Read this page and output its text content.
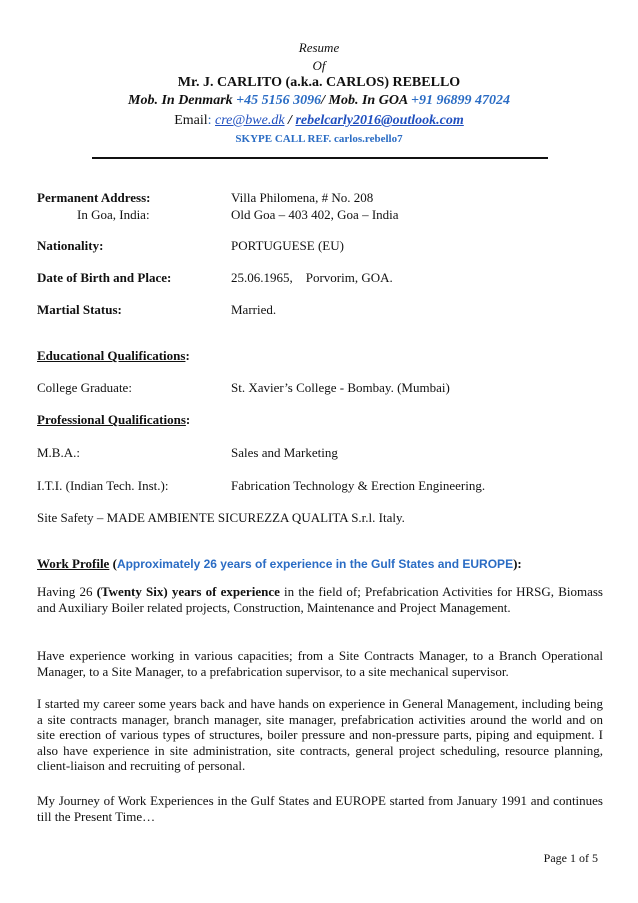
Resume
Of
Mr. J. CARLITO (a.k.a. CARLOS) REBELLO
Mob. In Denmark +45 5156 3096/ Mob. In GOA +91 96899 47024
Email: cre@bwe.dk / rebelcarly2016@outlook.com
SKYPE CALL REF. carlos.rebello7
Permanent Address:	Villa Philomena, # No. 208
In Goa, India:	Old Goa – 403 402, Goa – India
Nationality:	PORTUGUESE (EU)
Date of Birth and Place:	25.06.1965, Porvorim, GOA.
Martial Status:	Married.
Educational Qualifications:
College Graduate:	St. Xavier’s College - Bombay. (Mumbai)
Professional Qualifications:
M.B.A.:	Sales and Marketing
I.T.I. (Indian Tech. Inst.):	Fabrication Technology & Erection Engineering.
Site Safety – MADE AMBIENTE SICUREZZA QUALITA S.r.l. Italy.
Work Profile (Approximately 26 years of experience in the Gulf States and EUROPE):
Having 26 (Twenty Six) years of experience in the field of; Prefabrication Activities for HRSG, Biomass and Auxiliary Boiler related projects, Construction, Maintenance and Project Management.
Have experience working in various capacities; from a Site Contracts Manager, to a Branch Operational Manager, to a Site Manager, to a prefabrication supervisor, to a site mechanical supervisor.
I started my career some years back and have hands on experience in General Management, including being a site contracts manager, branch manager, site manager, prefabrication activities around the world and on site erection of various types of structures, boiler pressure and non-pressure parts, piping and equipment. I also have experience in site administration, site contracts, general project scheduling, resource planning, client-liaison and recruiting of personal.
My Journey of Work Experiences in the Gulf States and EUROPE started from January 1991 and continues till the Present Time…
Page 1 of 5
